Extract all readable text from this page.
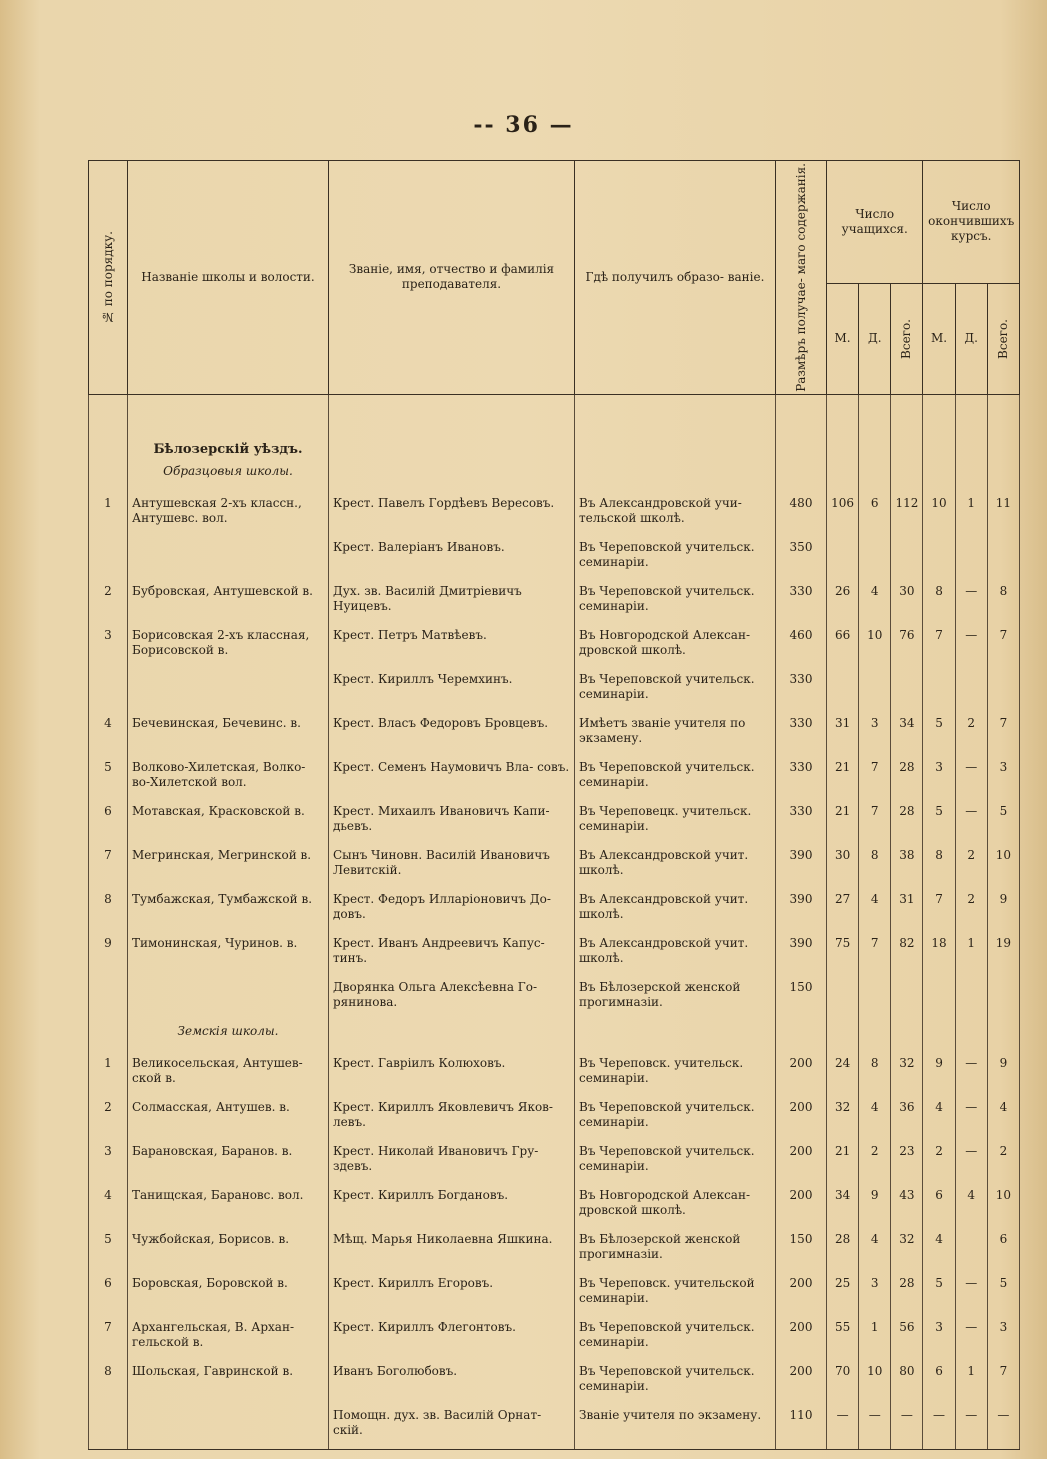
-- 36 —
№ по порядку.	Названіе школы и волости.	Званіе, имя, отчество и фамилія преподавателя.	Гдѣ получилъ образо- ваніе.	Размѣръ получае- маго содержанія.	Число учащихся.			Число окончившихъ курсъ.		
					М.	Д.	Всего.	М.	Д.	Всего.

	Бѣлозерскій уѣздъ.									
	Образцовыя школы.									
1	Антушевская 2-хъ классн., Антушевс. вол.	Крест. Павелъ Гордѣевъ Вересовъ.	Въ Александровской учи- тельской школѣ.	480	106	6	112	10	1	11
		Крест. Валеріанъ Ивановъ.	Въ Череповской учительск. семинаріи.	350						
2	Бубровская, Антушевской в.	Дух. зв. Василій Дмитріевичъ Нуицевъ.	Въ Череповской учительск. семинаріи.	330	26	4	30	8	—	8
3	Борисовская 2-хъ классная, Борисовской в.	Крест. Петръ Матвѣевъ.	Въ Новгородской Алексан- дровской школѣ.	460	66	10	76	7	—	7
		Крест. Кириллъ Черемхинъ.	Въ Череповской учительск. семинаріи.	330						
4	Бечевинская, Бечевинс. в.	Крест. Власъ Федоровъ Бровцевъ.	Имѣетъ званіе учителя по экзамену.	330	31	3	34	5	2	7
5	Волково-Хилетская, Волко- во-Хилетской вол.	Крест. Семенъ Наумовичъ Вла- совъ.	Въ Череповской учительск. семинаріи.	330	21	7	28	3	—	3
6	Мотавская, Красковской в.	Крест. Михаилъ Ивановичъ Капи- дьевъ.	Въ Череповецк. учительск. семинаріи.	330	21	7	28	5	—	5
7	Мегринская, Мегринской в.	Сынъ Чиновн. Василій Ивановичъ Левитскій.	Въ Александровской учит. школѣ.	390	30	8	38	8	2	10
8	Тумбажская, Тумбажской в.	Крест. Федоръ Илларіоновичъ До- довъ.	Въ Александровской учит. школѣ.	390	27	4	31	7	2	9
9	Тимонинская, Чуринов. в.	Крест. Иванъ Андреевичъ Капус- тинъ.	Въ Александровской учит. школѣ.	390	75	7	82	18	1	19
		Дворянка Ольга Алексѣевна Го- рянинова.	Въ Бѣлозерской женской прогимназіи.	150						
	Земскія школы.									
1	Великосельская, Антушев- ской в.	Крест. Гавріилъ Колюховъ.	Въ Череповск. учительск. семинаріи.	200	24	8	32	9	—	9
2	Солмасская, Антушев. в.	Крест. Кириллъ Яковлевичъ Яков- левъ.	Въ Череповской учительск. семинаріи.	200	32	4	36	4	—	4
3	Барановская, Баранов. в.	Крест. Николай Ивановичъ Гру- здевъ.	Въ Череповской учительск. семинаріи.	200	21	2	23	2	—	2
4	Танищская, Барановс. вол.	Крест. Кириллъ Богдановъ.	Въ Новгородской Алексан- дровской школѣ.	200	34	9	43	6	4	10
5	Чужбойская, Борисов. в.	Мѣщ. Марья Николаевна Яшкина.	Въ Бѣлозерской женской прогимназіи.	150	28	4	32	4		6
6	Боровская, Боровской в.	Крест. Кириллъ Егоровъ.	Въ Череповск. учительской семинаріи.	200	25	3	28	5	—	5
7	Архангельская, В. Архан- гельской в.	Крест. Кириллъ Флегонтовъ.	Въ Череповской учительск. семинаріи.	200	55	1	56	3	—	3
8	Шольская, Гавринской в.	Иванъ Боголюбовъ.	Въ Череповской учительск. семинаріи.	200	70	10	80	6	1	7
		Помощн. дух. зв. Василій Орнат- скій.	Званіе учителя по экзамену.	110	—	—	—	—	—	—
